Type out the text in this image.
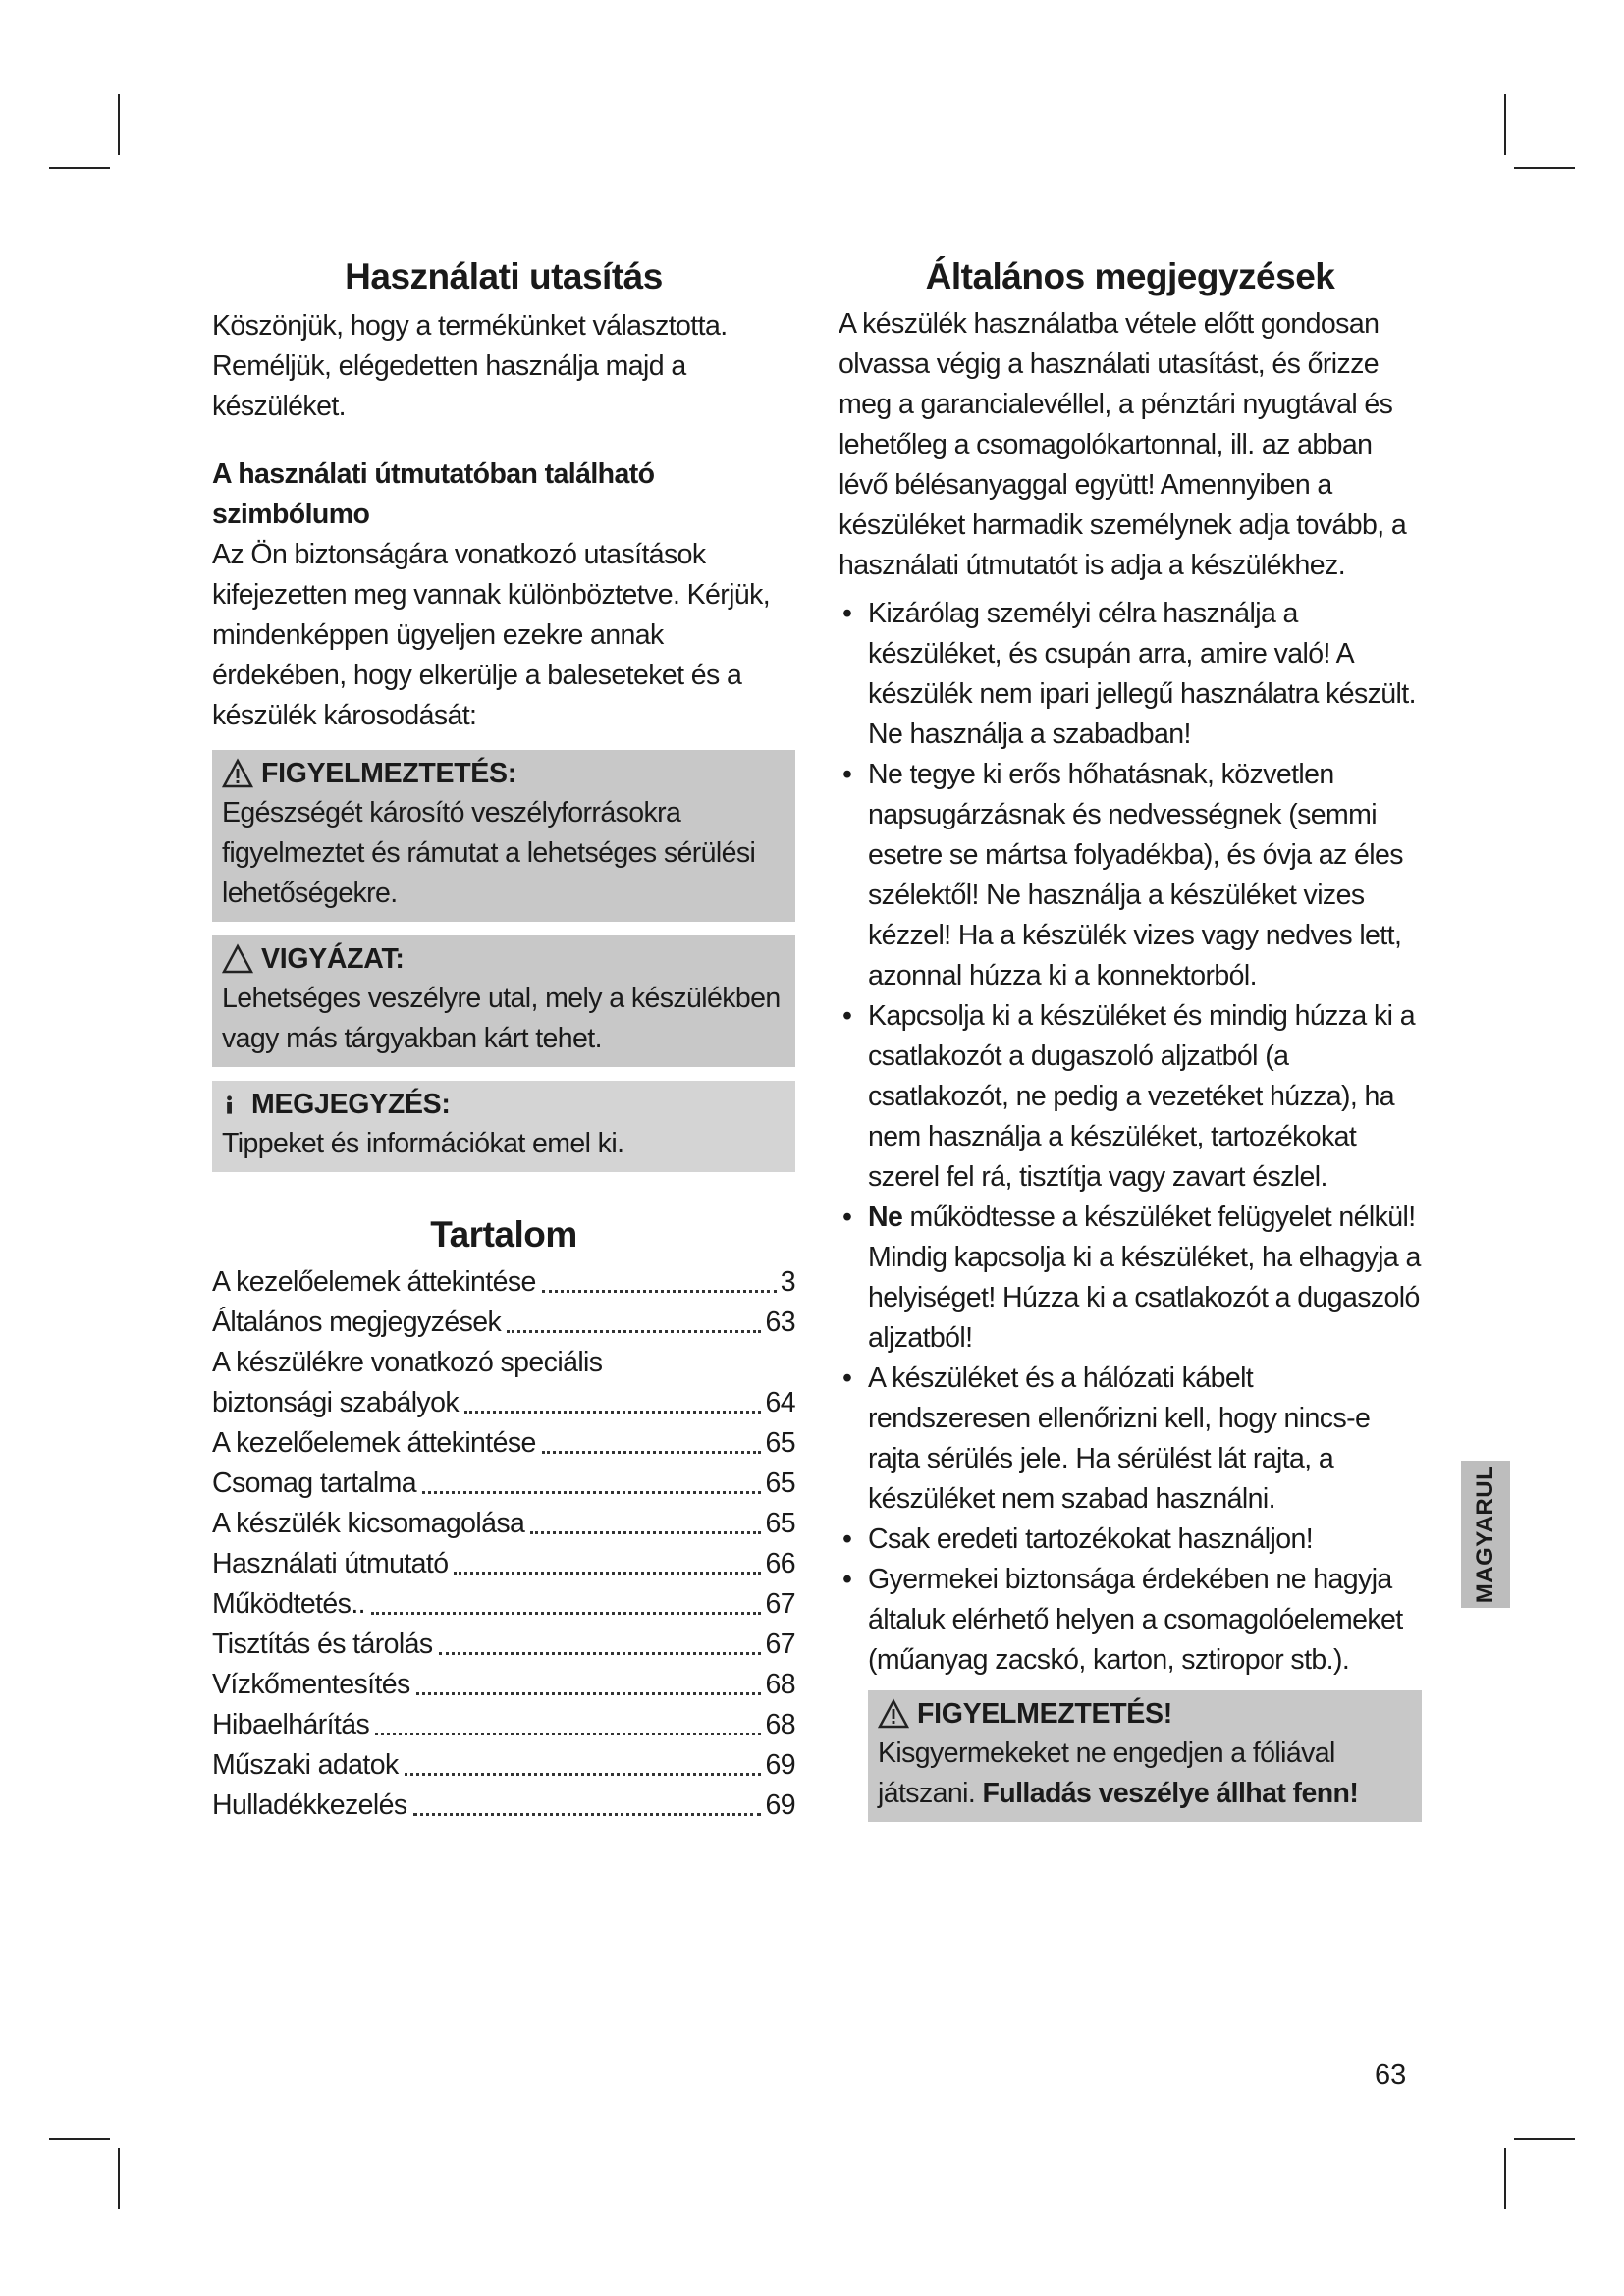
Használati utasítás

Köszönjük, hogy a termékünket választotta. Reméljük, elégedetten használja majd a készüléket.

A használati útmutatóban található szimbólumo

Az Ön biztonságára vonatkozó utasítások kifejezetten meg vannak különböztetve. Kérjük, mindenképpen ügyeljen ezekre annak érdekében, hogy elkerülje a baleseteket és a készülék károsodását:

FIGYELMEZTETÉS:
Egészségét károsító veszélyforrásokra figyelmeztet és rámutat a lehetséges sérülési lehetőségekre.
VIGYÁZAT:
Lehetséges veszélyre utal, mely a készülékben vagy más tárgyakban kárt tehet.
MEGJEGYZÉS:
Tippeket és információkat emel ki.
Tartalom
A kezelőelemek áttekintése	3
Általános megjegyzések	63
A készülékre vonatkozó speciális
biztonsági szabályok	64
A kezelőelemek áttekintése	65
Csomag tartalma	65
A készülék kicsomagolása	65
Használati útmutató	66
Működtetés..	67
Tisztítás és tárolás	67
Vízkőmentesítés	68
Hibaelhárítás	68
Műszaki adatok	69
Hulladékkezelés	69
Általános megjegyzések

A készülék használatba vétele előtt gondosan olvassa végig a használati utasítást, és őrizze meg a garancialevéllel, a pénztári nyugtával és lehetőleg a csomagolókartonnal, ill. az abban lévő bélésanyaggal együtt! Amennyiben a készüléket harmadik személynek adja tovább, a használati útmutatót is adja a készülékhez.

• Kizárólag személyi célra használja a készüléket, és csupán arra, amire való! A készülék nem ipari jellegű használatra készült. Ne használja a szabadban!
• Ne tegye ki erős hőhatásnak, közvetlen napsugárzásnak és nedvességnek (semmi esetre se mártsa folyadékba), és óvja az éles szélektől! Ne használja a készüléket vizes kézzel! Ha a készülék vizes vagy nedves lett, azonnal húzza ki a konnektorból.
• Kapcsolja ki a készüléket és mindig húzza ki a csatlakozót a dugaszoló aljzatból (a csatlakozót, ne pedig a vezetéket húzza), ha nem használja a készüléket, tartozékokat szerel fel rá, tisztítja vagy zavart észlel.
• Ne működtesse a készüléket felügyelet nélkül! Mindig kapcsolja ki a készüléket, ha elhagyja a helyiséget! Húzza ki a csatlakozót a dugaszoló aljzatból!
• A készüléket és a hálózati kábelt rendszeresen ellenőrizni kell, hogy nincs-e rajta sérülés jele. Ha sérülést lát rajta, a készüléket nem szabad használni.
• Csak eredeti tartozékokat használjon!
• Gyermekei biztonsága érdekében ne hagyja általuk elérhető helyen a csomagolóelemeket (műanyag zacskó, karton, sztiropor stb.).
FIGYELMEZTETÉS!
Kisgyermekeket ne engedjen a fóliával játszani. Fulladás veszélye állhat fenn!
MAGYARUL
63
